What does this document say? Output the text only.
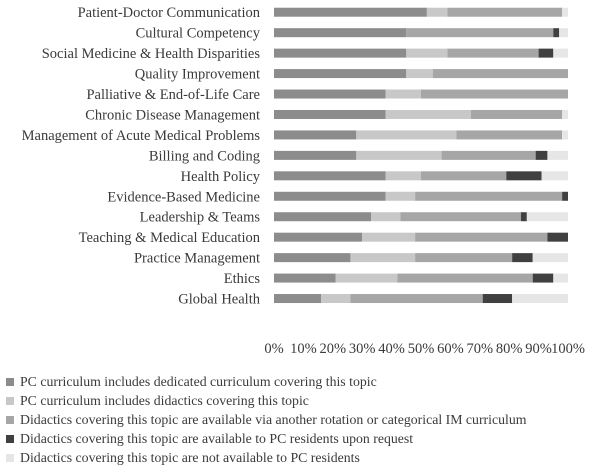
Patient-Doctor Communication
Cultural Competency
Social Medicine & Health Disparities
Quality Improvement
Palliative & End-of-Life Care
Chronic Disease Management
Management of Acute Medical Problems
Billing and Coding
Health Policy
Evidence-Based Medicine
Leadership & Teams
Teaching & Medical Education
Practice Management
Ethics
Global Health
0% 10% 20% 30% 40% 50% 60% 70% 80% 90% 100%
PC curriculum includes dedicated curriculum covering this topic
PC curriculum includes didactics covering this topic
Didactics covering this topic are available via another rotation or categorical IM curriculum
Didactics covering this topic are available to PC residents upon request
Didactics covering this topic are not available to PC residents
